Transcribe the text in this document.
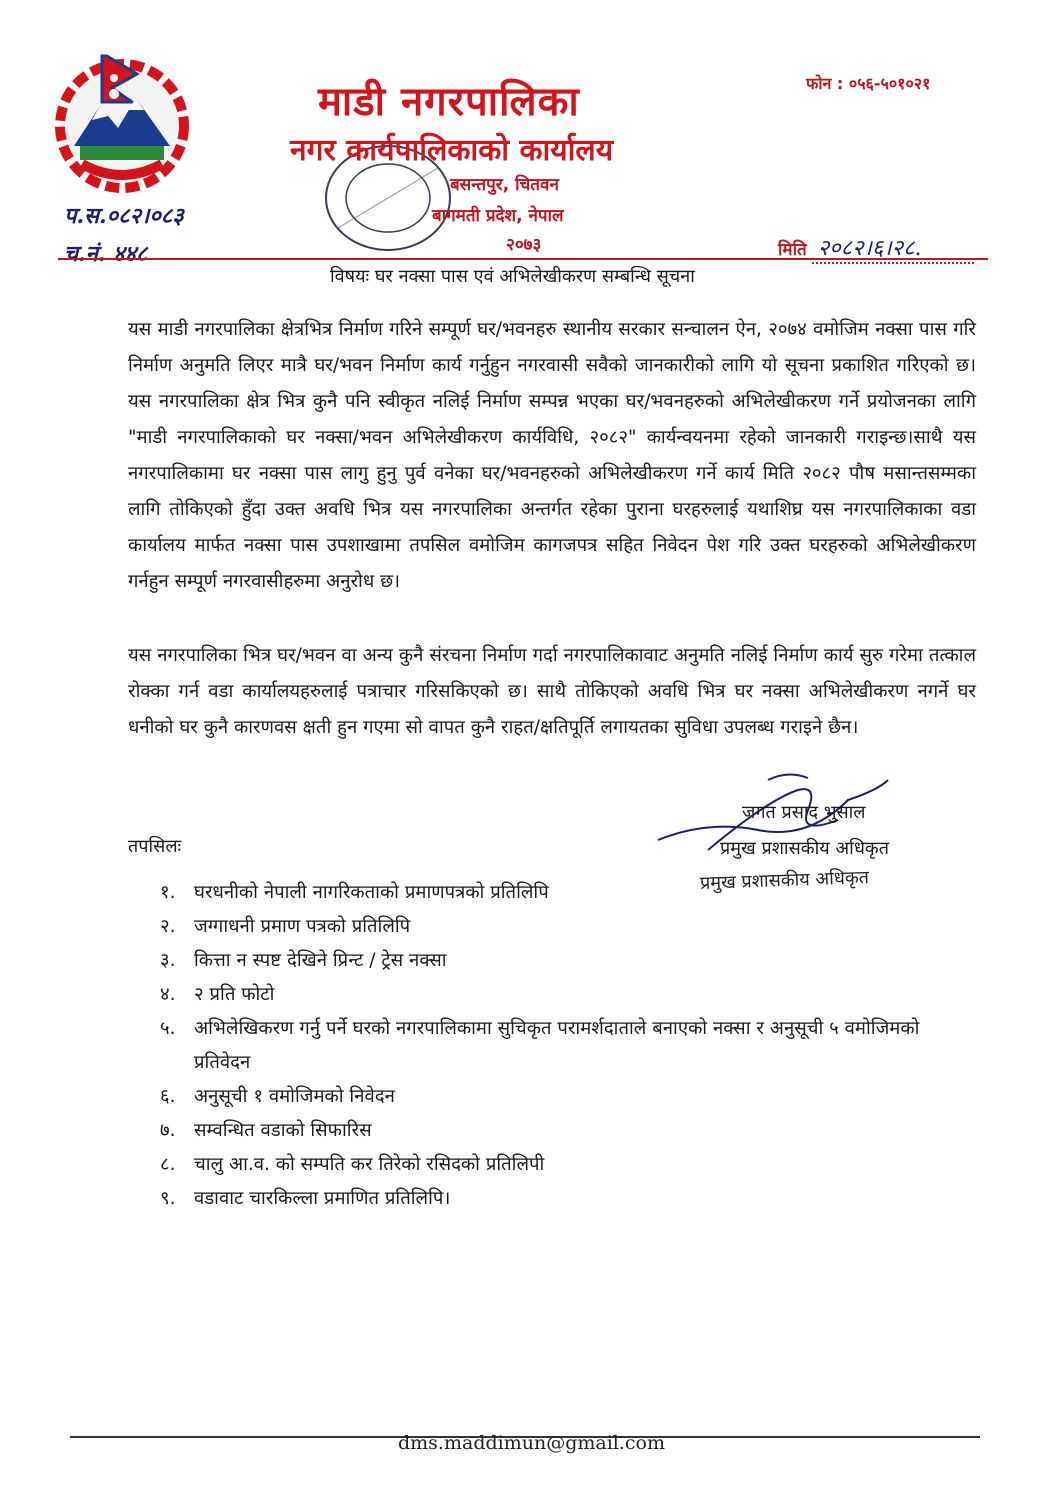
माडी नगरपालिका
नगर कार्यपालिकाको कार्यालय
बसन्तपुर, चितवन
बागमती प्रदेश, नेपाल
२०७३
फोन : ०५६-५०१०२१
प.स.०८२।०८३
च.नं. ४४८	मिति २०८२।६।२८.
विषयः घर नक्सा पास एवं अभिलेखीकरण सम्बन्धि सूचना
यस माडी नगरपालिका क्षेत्रभित्र निर्माण गरिने सम्पूर्ण घर/भवनहरु स्थानीय सरकार सन्चालन ऐन, २०७४ वमोजिम नक्सा पास गरि निर्माण अनुमति लिएर मात्रै घर/भवन निर्माण कार्य गर्नुहुन नगरवासी सवैको जानकारीको लागि यो सूचना प्रकाशित गरिएको छ। यस नगरपालिका क्षेत्र भित्र कुनै पनि स्वीकृत नलिई निर्माण सम्पन्न भएका घर/भवनहरुको अभिलेखीकरण गर्ने प्रयोजनका लागि "माडी नगरपालिकाको घर नक्सा/भवन अभिलेखीकरण कार्यविधि, २०८२" कार्यन्वयनमा रहेको जानकारी गराइन्छ।साथै यस नगरपालिकामा घर नक्सा पास लागु हुनु पुर्व वनेका घर/भवनहरुको अभिलेखीकरण गर्ने कार्य मिति २०८२ पौष मसान्तसम्मका लागि तोकिएको हुँदा उक्त अवधि भित्र यस नगरपालिका अन्तर्गत रहेका पुराना घरहरुलाई यथाशिघ्र यस नगरपालिकाका वडा कार्यालय मार्फत नक्सा पास उपशाखामा तपसिल वमोजिम कागजपत्र सहित निवेदन पेश गरि उक्त घरहरुको अभिलेखीकरण गर्नहुन सम्पूर्ण नगरवासीहरुमा अनुरोध छ।
यस नगरपालिका भित्र घर/भवन वा अन्य कुनै संरचना निर्माण गर्दा नगरपालिकावाट अनुमति नलिई निर्माण कार्य सुरु गरेमा तत्काल रोक्का गर्न वडा कार्यालयहरुलाई पत्राचार गरिसकिएको छ। साथै तोकिएको अवधि भित्र घर नक्सा अभिलेखीकरण नगर्ने घर धनीको घर कुनै कारणवस क्षती हुन गएमा सो वापत कुनै राहत/क्षतिपूर्ति लगायतका सुविधा उपलब्ध गराइने छैन।
जगत प्रसाद भुसाल
प्रमुख प्रशासकीय अधिकृत
प्रमुख प्रशासकीय अधिकृत
तपसिलः
१. घरधनीको नेपाली नागरिकताको प्रमाणपत्रको प्रतिलिपि
२. जग्गाधनी प्रमाण पत्रको प्रतिलिपि
३. कित्ता न स्पष्ट देखिने प्रिन्ट / ट्रेस नक्सा
४. २ प्रति फोटो
५. अभिलेखिकरण गर्नु पर्ने घरको नगरपालिकामा सुचिकृत परामर्शदाताले बनाएको नक्सा र अनुसूची ५ वमोजिमको प्रतिवेदन
६. अनुसूची १ वमोजिमको निवेदन
७. सम्वन्धित वडाको सिफारिस
८. चालु आ.व. को सम्पति कर तिरेको रसिदको प्रतिलिपी
९. वडावाट चारकिल्ला प्रमाणित प्रतिलिपि।
dms.maddimun@gmail.com
